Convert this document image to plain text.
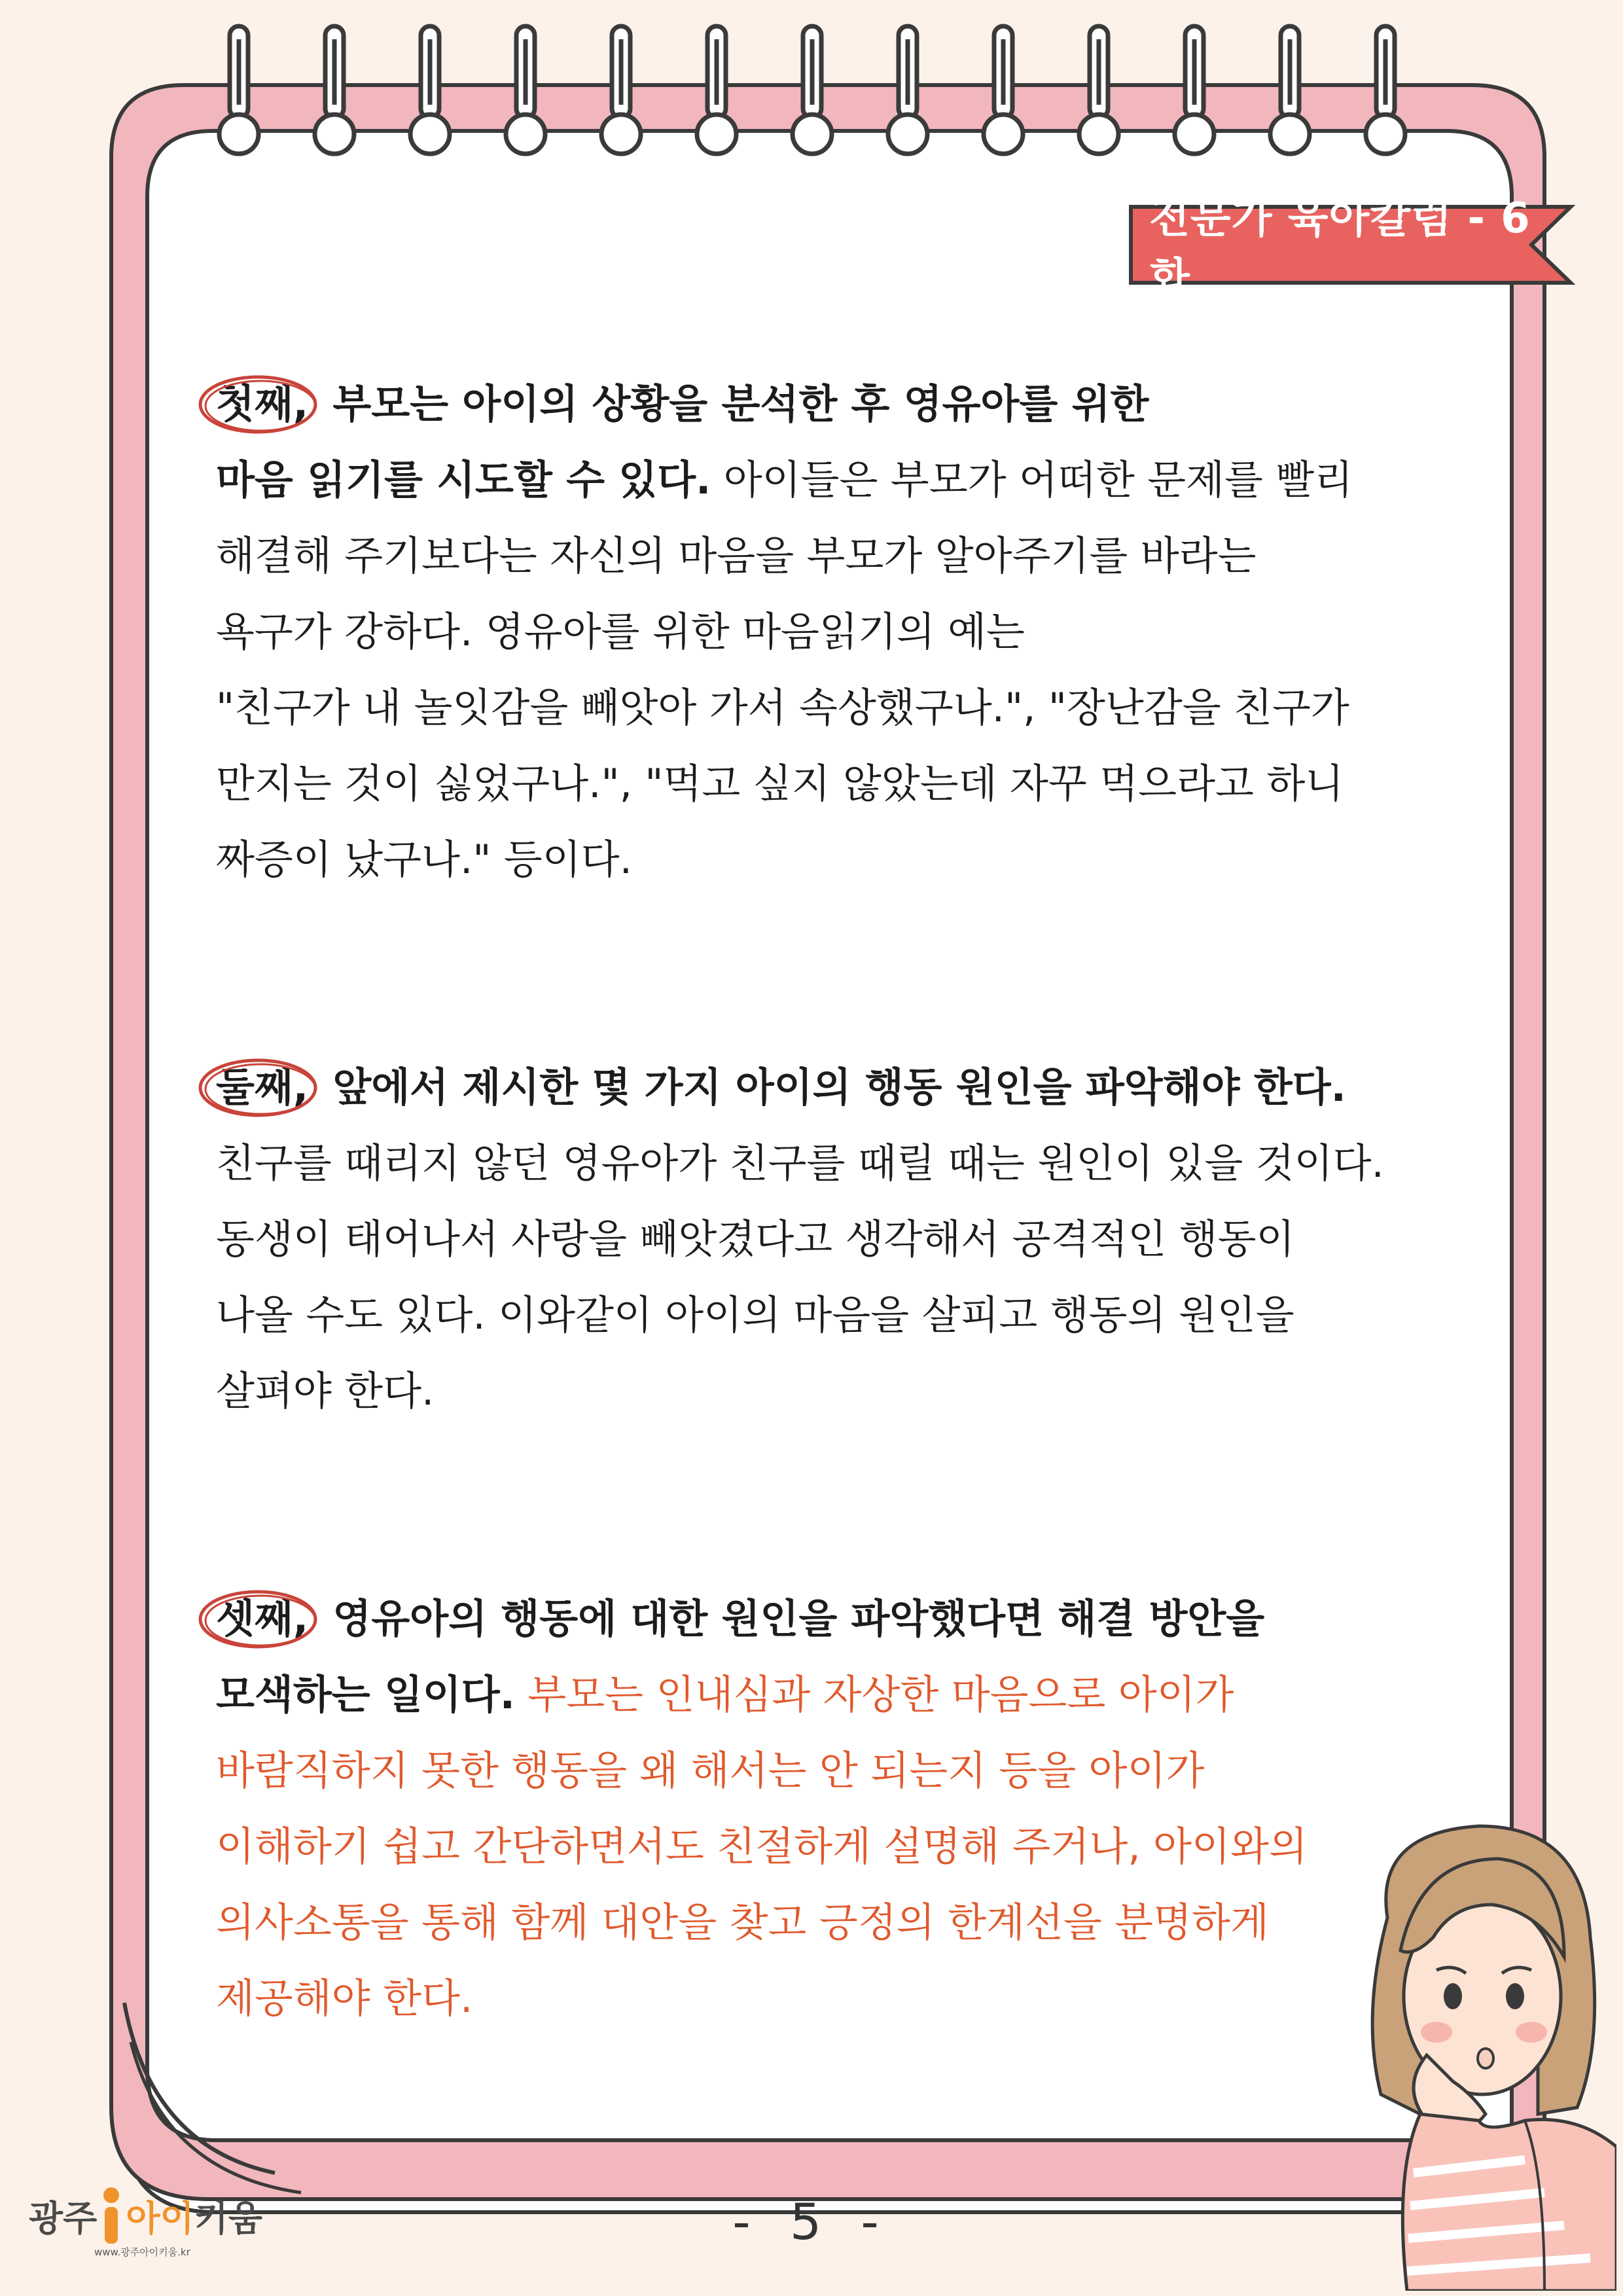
전문가 육아칼럼 - 6화
첫째, 부모는 아이의 상황을 분석한 후 영유아를 위한
마음 읽기를 시도할 수 있다. 아이들은 부모가 어떠한 문제를 빨리
해결해 주기보다는 자신의 마음을 부모가 알아주기를 바라는
욕구가 강하다. 영유아를 위한 마음읽기의 예는
"친구가 내 놀잇감을 빼앗아 가서 속상했구나.", "장난감을 친구가
만지는 것이 싫었구나.", "먹고 싶지 않았는데 자꾸 먹으라고 하니
짜증이 났구나." 등이다.
둘째, 앞에서 제시한 몇 가지 아이의 행동 원인을 파악해야 한다.
친구를 때리지 않던 영유아가 친구를 때릴 때는 원인이 있을 것이다.
동생이 태어나서 사랑을 빼앗겼다고 생각해서 공격적인 행동이
나올 수도 있다. 이와같이 아이의 마음을 살피고 행동의 원인을
살펴야 한다.
셋째, 영유아의 행동에 대한 원인을 파악했다면 해결 방안을
모색하는 일이다. 부모는 인내심과 자상한 마음으로 아이가
바람직하지 못한 행동을 왜 해서는 안 되는지 등을 아이가
이해하기 쉽고 간단하면서도 친절하게 설명해 주거나, 아이와의
의사소통을 통해 함께 대안을 찾고 긍정의 한계선을 분명하게
제공해야 한다.
광주 아이 키움
www.광주아이키움.kr
- 5 -
